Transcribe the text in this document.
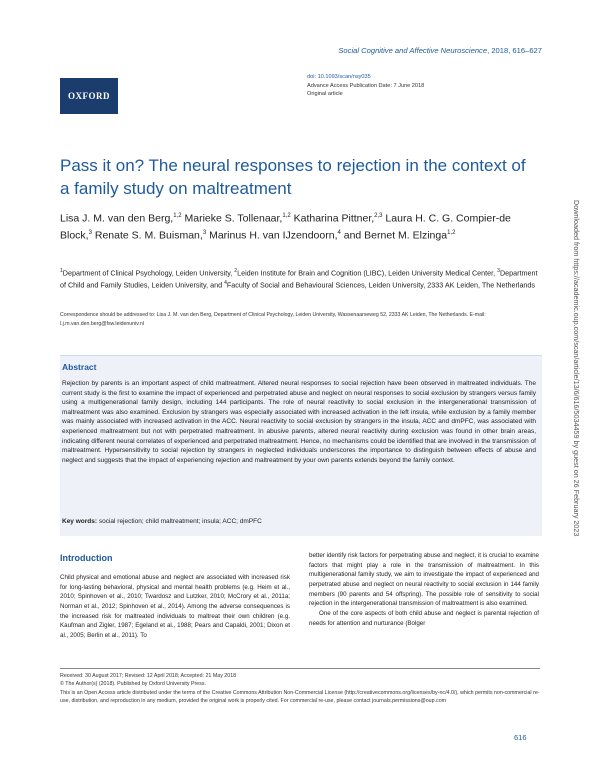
OXFORD
Social Cognitive and Affective Neuroscience, 2018, 616–627
doi: 10.1093/scan/nsy035
Advance Access Publication Date: 7 June 2018
Original article
Pass it on? The neural responses to rejection in the context of a family study on maltreatment
Lisa J. M. van den Berg,$^{1,2}$ Marieke S. Tollenaar,$^{1,2}$ Katharina Pittner,$^{2,3}$ Laura H. C. G. Compier-de Block,$^3$ Renate S. M. Buisman,$^3$ Marinus H. van IJzendoorn,$^4$ and Bernet M. Elzinga$^{1,2}$
$^1$Department of Clinical Psychology, Leiden University, $^2$Leiden Institute for Brain and Cognition (LIBC), Leiden University Medical Center, $^3$Department of Child and Family Studies, Leiden University, and $^4$Faculty of Social and Behavioural Sciences, Leiden University, 2333 AK Leiden, The Netherlands
Correspondence should be addressed to: Lisa J. M. van den Berg, Department of Clinical Psychology, Leiden University, Wassenaarseweg 52, 2333 AK Leiden, The Netherlands. E-mail: l.j.m.van.den.berg@fsw.leidenuniv.nl
Abstract
Rejection by parents is an important aspect of child maltreatment. Altered neural responses to social rejection have been observed in maltreated individuals. The current study is the first to examine the impact of experienced and perpetrated abuse and neglect on neural responses to social exclusion by strangers versus family using a multigenerational family design, including 144 participants. The role of neural reactivity to social exclusion in the intergenerational transmission of maltreatment was also examined. Exclusion by strangers was especially associated with increased activation in the left insula, while exclusion by a family member was mainly associated with increased activation in the ACC. Neural reactivity to social exclusion by strangers in the insula, ACC and dmPFC, was associated with experienced maltreatment but not with perpetrated maltreatment. In abusive parents, altered neural reactivity during exclusion was found in other brain areas, indicating different neural correlates of experienced and perpetrated maltreatment. Hence, no mechanisms could be identified that are involved in the transmission of maltreatment. Hypersensitivity to social rejection by strangers in neglected individuals underscores the importance to distinguish between effects of abuse and neglect and suggests that the impact of experiencing rejection and maltreatment by your own parents extends beyond the family context.
Key words: social rejection; child maltreatment; insula; ACC; dmPFC
Introduction

Child physical and emotional abuse and neglect are associated with increased risk for long-lasting behavioral, physical and mental health problems (e.g. Heim et al., 2010; Spinhoven et al., 2010; Twardosz and Lutzker, 2010; McCrory et al., 2011a; Norman et al., 2012; Spinhoven et al., 2014). Among the adverse consequences is the increased risk for maltreated individuals to maltreat their own children (e.g. Kaufman and Zigler, 1987; Egeland et al., 1988; Pears and Capaldi, 2001; Dixon et al., 2005; Berlin et al., 2011). To

better identify risk factors for perpetrating abuse and neglect, it is crucial to examine factors that might play a role in the transmission of maltreatment. In this multigenerational family study, we aim to investigate the impact of experienced and perpetrated abuse and neglect on neural reactivity to social exclusion in 144 family members (90 parents and 54 offspring). The possible role of sensitivity to social rejection in the intergenerational transmission of maltreatment is also examined.

One of the core aspects of both child abuse and neglect is parental rejection of needs for attention and nurturance (Bolger

Received: 30 August 2017; Revised: 12 April 2018; Accepted: 21 May 2018
© The Author(s) (2018). Published by Oxford University Press.
This is an Open Access article distributed under the terms of the Creative Commons Attribution Non-Commercial License (http://creativecommons.org/licenses/by-nc/4.0/), which permits non-commercial re-use, distribution, and reproduction in any medium, provided the original work is properly cited. For commercial re-use, please contact journals.permissions@oup.com
616
Downloaded from https://academic.oup.com/scan/article/13/6/616/5034459 by guest on 26 February 2023
